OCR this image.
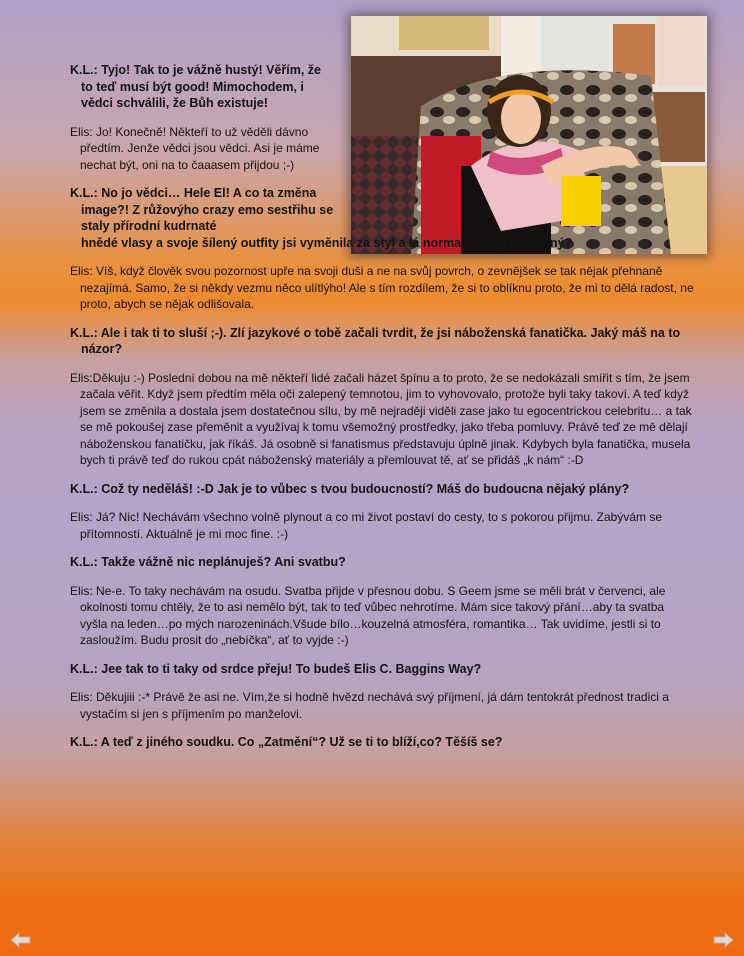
K.L.: Tyjo! Tak to je vážně hustý! Věřím, že to teď musí být good! Mimochodem, i vědci schválili, že Bůh existuje!

Elis: Jo! Konečně! Někteří to už věděli dávno předtím. Jenže vědci jsou vědci. Asi je máme nechat být, oni na to čaaasem přijdou ;-)

K.L.: No jo vědci… Hele El! A co ta změna image?! Z růžovýho crazy emo sestřihu se staly přírodní kudrnaté
hnědé vlasy a svoje šílený outfity jsi vyměnila za styl a lá normal. Jak je to možný?

Elis: Víš, když člověk svou pozornost upře na svoji duši a ne na svůj povrch, o zevnějšek se tak nějak přehnaně nezajímá. Samo, že si někdy vezmu něco ulítlýho! Ale s tím rozdílem, že si to oblíknu proto, že mi to dělá radost, ne proto, abych se nějak odlišovala.

K.L.: Ale i tak ti to sluší ;-). Zlí jazykové o tobě začali tvrdit, že jsi náboženská fanatička. Jaký máš na to názor?

Elis:Děkuju :-) Poslední dobou na mě někteří lidé začali házet špínu a to proto, že se nedokázali smířit s tím, že jsem začala věřit. Když jsem předtím měla oči zalepený temnotou, jim to vyhovovalo, protože byli taky takoví. A teď když jsem se změnila a dostala jsem dostatečnou sílu, by mě nejraději viděli zase jako tu egocentrickou celebritu… a tak se mě pokoušej zase přeměnit a využívaj k tomu všemožný prostředky, jako třeba pomluvy. Právě teď ze mě dělají náboženskou fanatičku, jak říkáš. Já osobně si fanatismus představuju úplně jinak. Kdybych byla fanatička, musela bych ti právě teď do rukou cpát náboženský materiály a přemlouvat tě, ať se přidáš „k nám“ :-D

K.L.: Což ty neděláš! :-D Jak je to vůbec s tvou budoucností? Máš do budoucna nějaký plány?

Elis: Já? Nic! Nechávám všechno volně plynout a co mi život postaví do cesty, to s pokorou přijmu. Zabývám se přítomností. Aktuálně je mi moc fine. :-)

K.L.: Takže vážně nic neplánuješ? Ani svatbu?

Elis: Ne-e. To taky nechávám na osudu. Svatba přijde v přesnou dobu. S Geem jsme se měli brát v červenci, ale okolnosti tomu chtěly, že to asi nemělo být, tak to teď vůbec nehrotíme. Mám sice takový přání…aby ta svatba vyšla na leden…po mých narozeninách.Všude bílo…kouzelná atmosféra, romantika… Tak uvidíme, jestli si to zasloužím. Budu prosit do „nebíčka“, ať to vyjde :-)

K.L.: Jee tak to ti taky od srdce přeju! To budeš Elis C. Baggins Way?

Elis: Děkujiii :-* Právě že asi ne. Vím,že si hodně hvězd nechává svý příjmení, já dám tentokrát přednost tradici a vystačím si jen s příjmením po manželovi.

K.L.: A teď z jiného soudku. Co „Zatmění“? Už se ti to blíží,co? Těšíš se?
